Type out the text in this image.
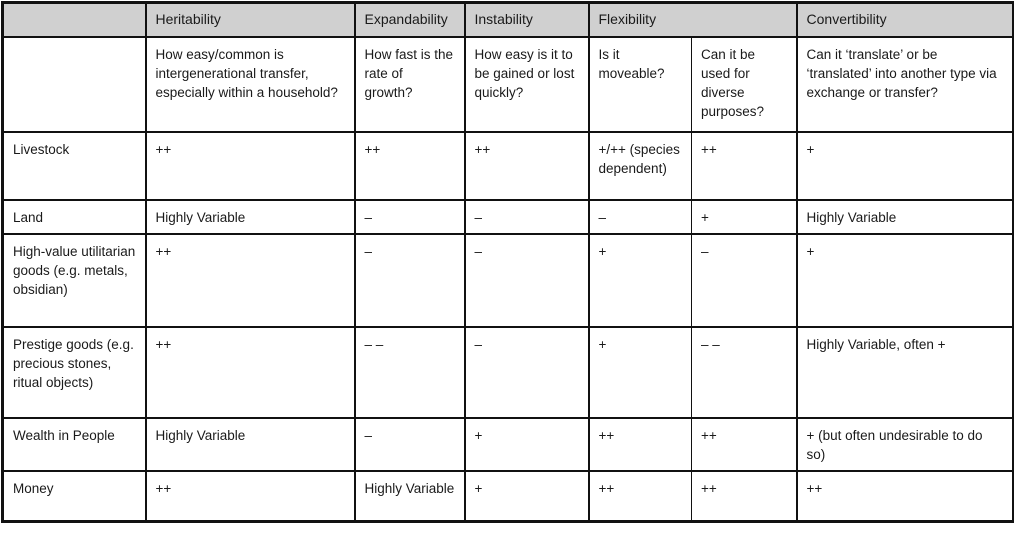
	Heritability	Expandability	Instability	Flexibility		Convertibility
	How easy/common is intergenerational transfer, especially within a household?	How fast is the rate of growth?	How easy is it to be gained or lost quickly?	Is it moveable?	Can it be used for diverse purposes?	Can it ‘translate’ or be ‘translated’ into another type via exchange or transfer?
Livestock	++	++	++	+/++ (species dependent)	++	+
Land	Highly Variable	–	–	–	+	Highly Variable
High-value utilitarian goods (e.g. metals, obsidian)	++	–	–	+	–	+
Prestige goods (e.g. precious stones, ritual objects)	++	– –	–	+	– –	Highly Variable, often +
Wealth in People	Highly Variable	–	+	++	++	+ (but often undesirable to do so)
Money	++	Highly Variable	+	++	++	++
